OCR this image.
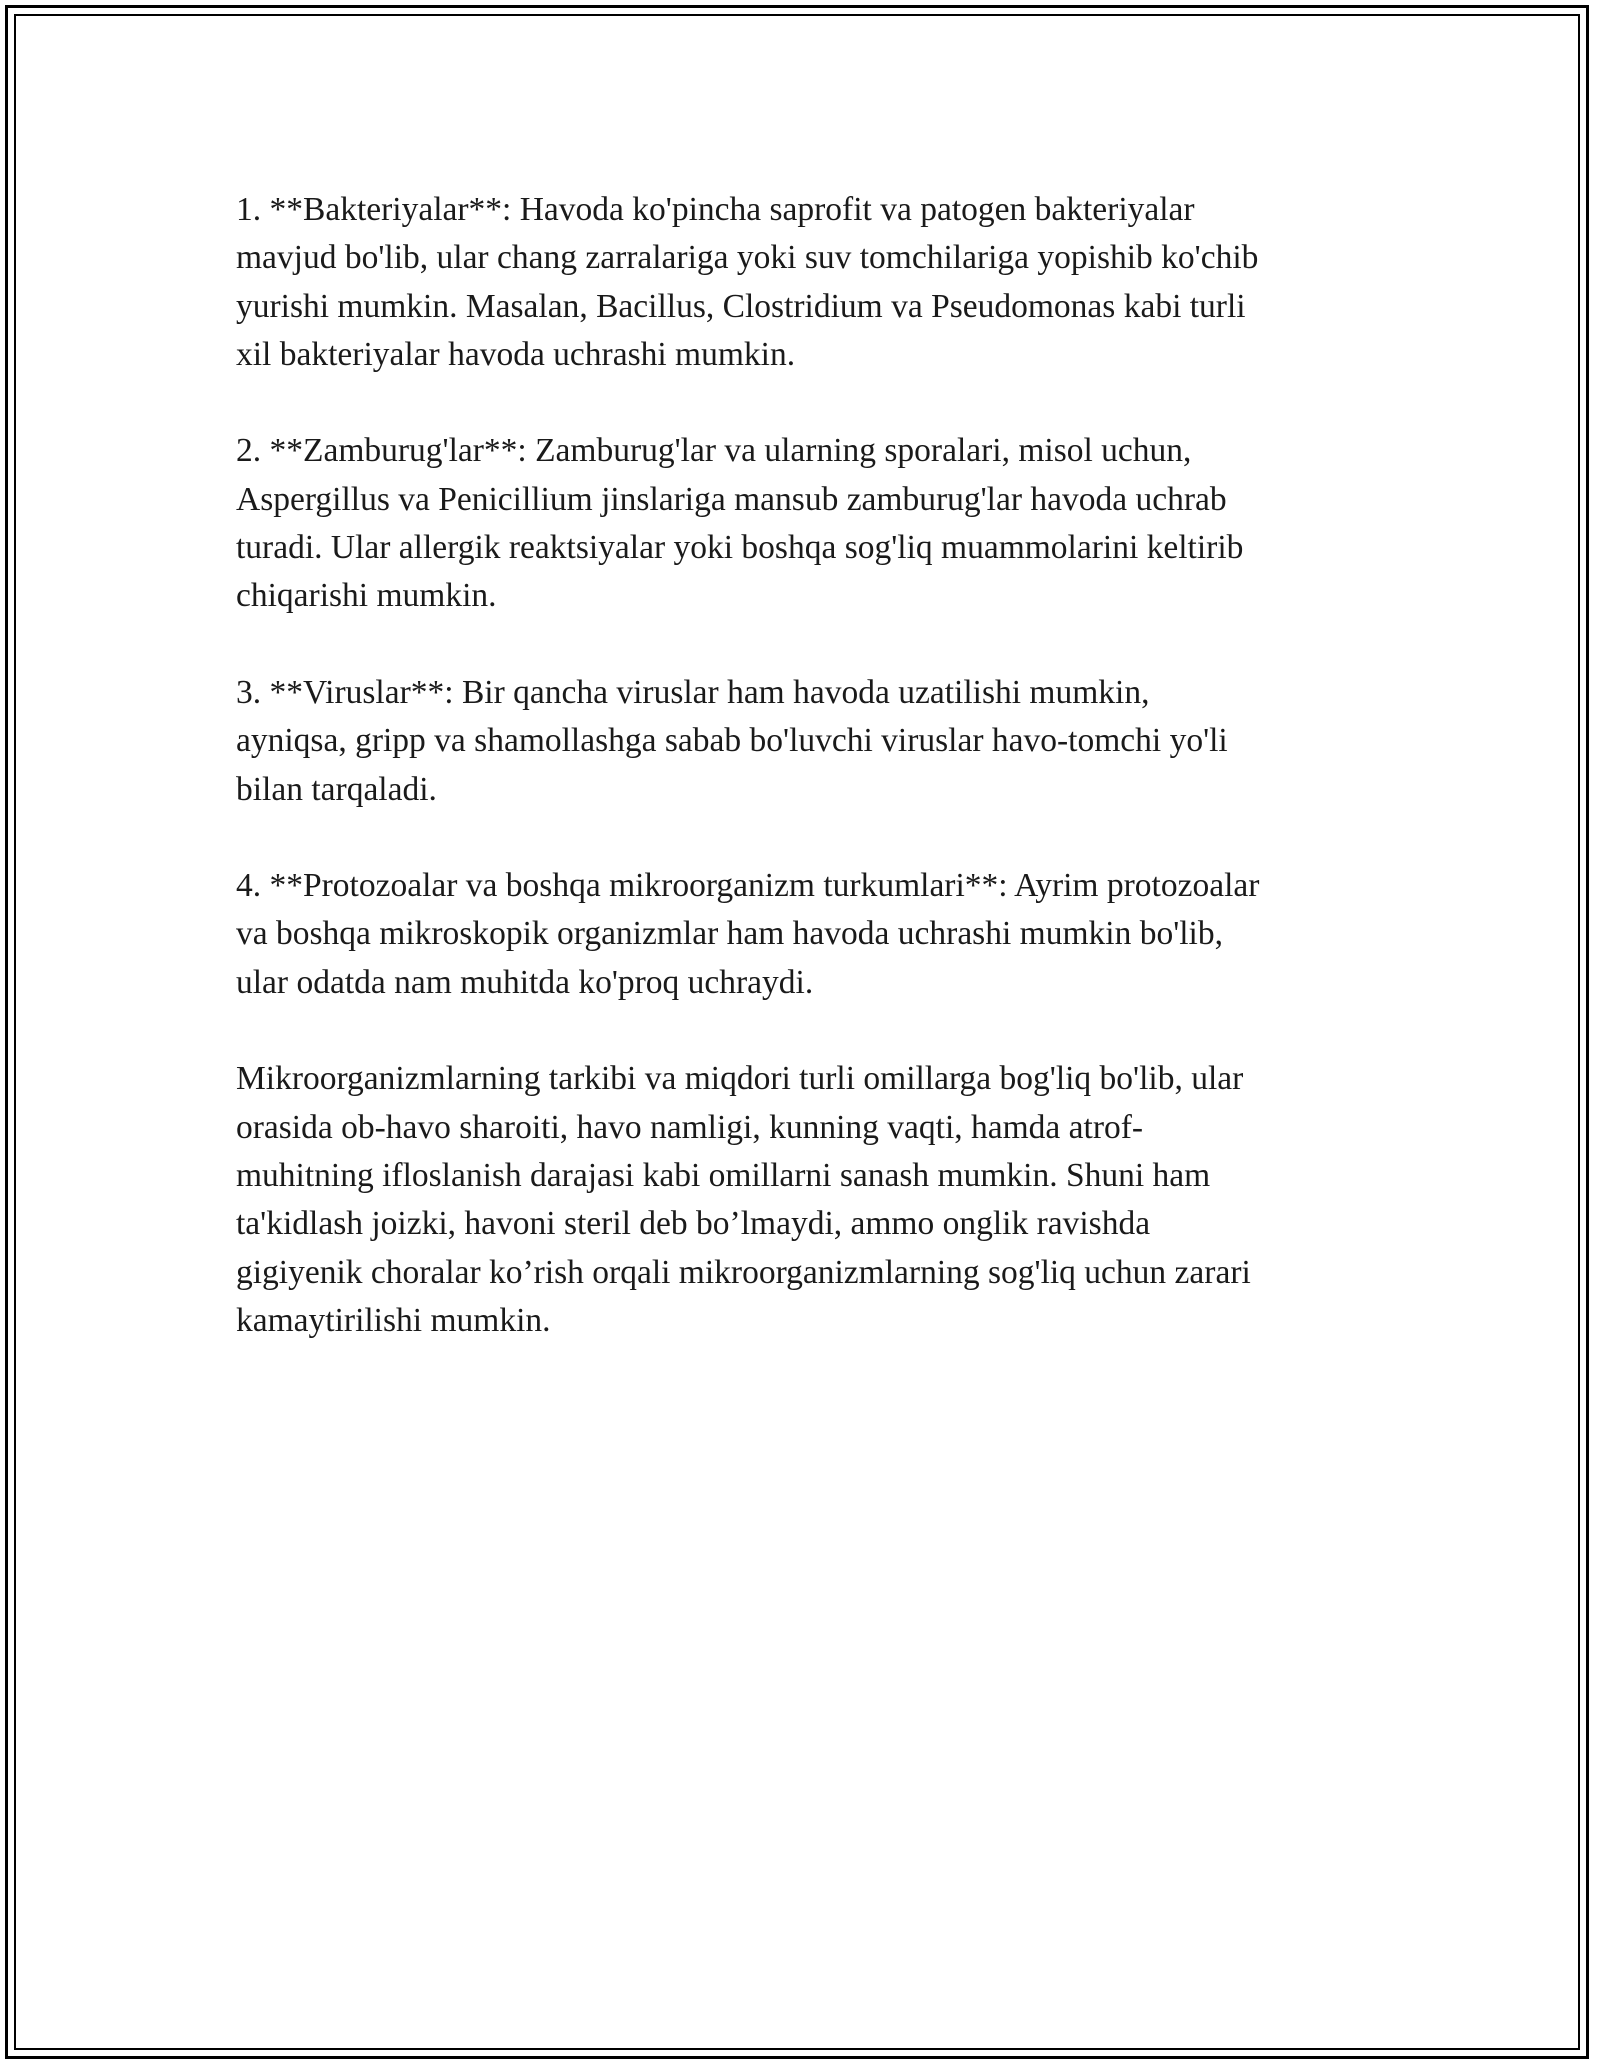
1. **Bakteriyalar**: Havoda ko'pincha saprofit va patogen bakteriyalar
mavjud bo'lib, ular chang zarralariga yoki suv tomchilariga yopishib ko'chib
yurishi mumkin. Masalan, Bacillus, Clostridium va Pseudomonas kabi turli
xil bakteriyalar havoda uchrashi mumkin.

2. **Zamburug'lar**: Zamburug'lar va ularning sporalari, misol uchun,
Aspergillus va Penicillium jinslariga mansub zamburug'lar havoda uchrab
turadi. Ular allergik reaktsiyalar yoki boshqa sog'liq muammolarini keltirib
chiqarishi mumkin.

3. **Viruslar**: Bir qancha viruslar ham havoda uzatilishi mumkin,
ayniqsa, gripp va shamollashga sabab bo'luvchi viruslar havo-tomchi yo'li
bilan tarqaladi.

4. **Protozoalar va boshqa mikroorganizm turkumlari**: Ayrim protozoalar
va boshqa mikroskopik organizmlar ham havoda uchrashi mumkin bo'lib,
ular odatda nam muhitda ko'proq uchraydi.

Mikroorganizmlarning tarkibi va miqdori turli omillarga bog'liq bo'lib, ular
orasida ob-havo sharoiti, havo namligi, kunning vaqti, hamda atrof-
muhitning ifloslanish darajasi kabi omillarni sanash mumkin. Shuni ham
ta'kidlash joizki, havoni steril deb bo’lmaydi, ammo onglik ravishda
gigiyenik choralar ko’rish orqali mikroorganizmlarning sog'liq uchun zarari
kamaytirilishi mumkin.
